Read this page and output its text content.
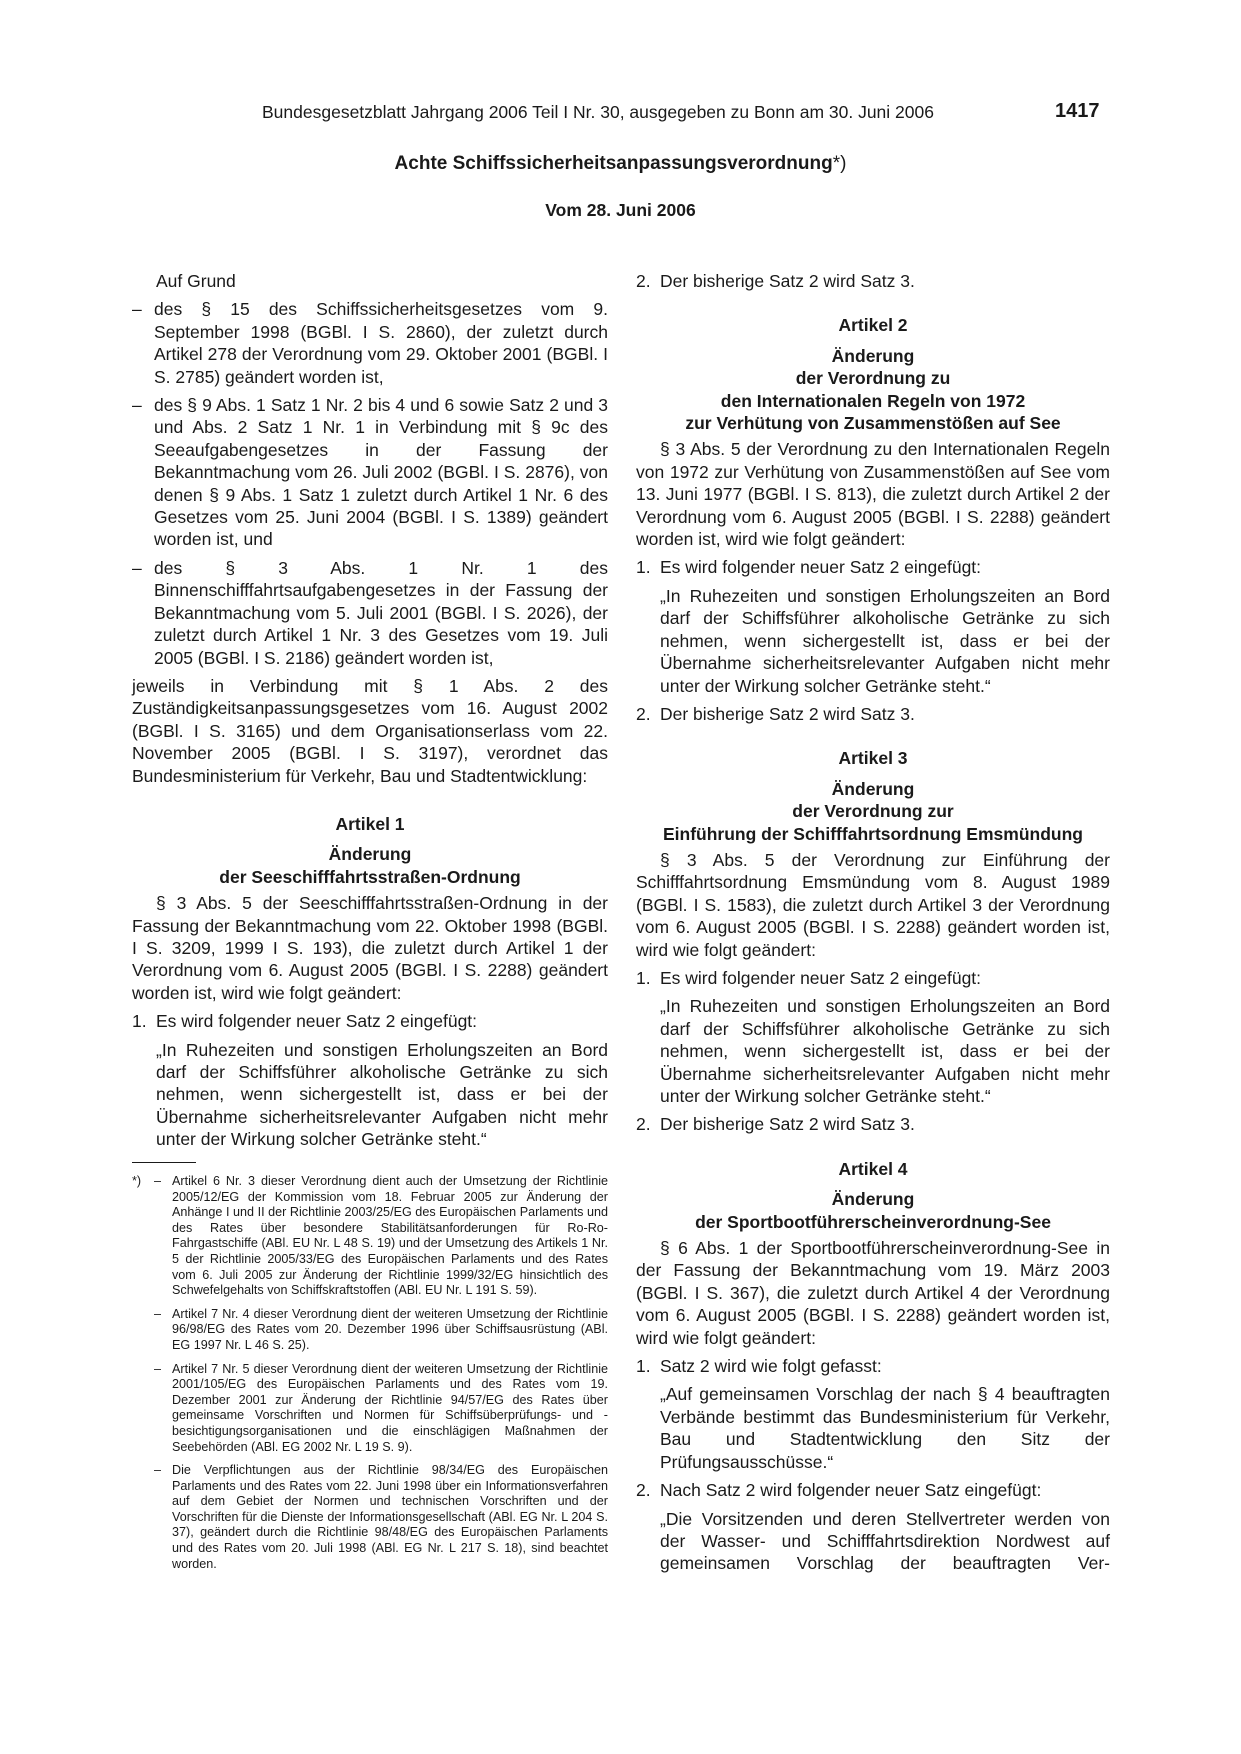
Bundesgesetzblatt Jahrgang 2006 Teil I Nr. 30, ausgegeben zu Bonn am 30. Juni 2006	1417
Achte Schiffssicherheitsanpassungsverordnung*)
Vom 28. Juni 2006

Auf Grund

– des § 15 des Schiffssicherheitsgesetzes vom 9. September 1998 (BGBl. I S. 2860), der zuletzt durch Artikel 278 der Verordnung vom 29. Oktober 2001 (BGBl. I S. 2785) geändert worden ist,
– des § 9 Abs. 1 Satz 1 Nr. 2 bis 4 und 6 sowie Satz 2 und 3 und Abs. 2 Satz 1 Nr. 1 in Verbindung mit § 9c des Seeaufgabengesetzes in der Fassung der Bekanntmachung vom 26. Juli 2002 (BGBl. I S. 2876), von denen § 9 Abs. 1 Satz 1 zuletzt durch Artikel 1 Nr. 6 des Gesetzes vom 25. Juni 2004 (BGBl. I S. 1389) geändert worden ist, und
– des § 3 Abs. 1 Nr. 1 des Binnenschifffahrtsaufgabengesetzes in der Fassung der Bekanntmachung vom 5. Juli 2001 (BGBl. I S. 2026), der zuletzt durch Artikel 1 Nr. 3 des Gesetzes vom 19. Juli 2005 (BGBl. I S. 2186) geändert worden ist,

jeweils in Verbindung mit § 1 Abs. 2 des Zuständigkeitsanpassungsgesetzes vom 16. August 2002 (BGBl. I S. 3165) und dem Organisationserlass vom 22. November 2005 (BGBl. I S. 3197), verordnet das Bundesministerium für Verkehr, Bau und Stadtentwicklung:

Artikel 1
Änderung
der Seeschifffahrtsstraßen-Ordnung

§ 3 Abs. 5 der Seeschifffahrtsstraßen-Ordnung in der Fassung der Bekanntmachung vom 22. Oktober 1998 (BGBl. I S. 3209, 1999 I S. 193), die zuletzt durch Artikel 1 der Verordnung vom 6. August 2005 (BGBl. I S. 2288) geändert worden ist, wird wie folgt geändert:

1. Es wird folgender neuer Satz 2 eingefügt:

„In Ruhezeiten und sonstigen Erholungszeiten an Bord darf der Schiffsführer alkoholische Getränke zu sich nehmen, wenn sichergestellt ist, dass er bei der Übernahme sicherheitsrelevanter Aufgaben nicht mehr unter der Wirkung solcher Getränke steht.“

*) – Artikel 6 Nr. 3 dieser Verordnung dient auch der Umsetzung der Richtlinie 2005/12/EG der Kommission vom 18. Februar 2005 zur Änderung der Anhänge I und II der Richtlinie 2003/25/EG des Europäischen Parlaments und des Rates über besondere Stabilitätsanforderungen für Ro-Ro-Fahrgastschiffe (ABl. EU Nr. L 48 S. 19) und der Umsetzung des Artikels 1 Nr. 5 der Richtlinie 2005/33/EG des Europäischen Parlaments und des Rates vom 6. Juli 2005 zur Änderung der Richtlinie 1999/32/EG hinsichtlich des Schwefelgehalts von Schiffskraftstoffen (ABl. EU Nr. L 191 S. 59).
– Artikel 7 Nr. 4 dieser Verordnung dient der weiteren Umsetzung der Richtlinie 96/98/EG des Rates vom 20. Dezember 1996 über Schiffsausrüstung (ABl. EG 1997 Nr. L 46 S. 25).
– Artikel 7 Nr. 5 dieser Verordnung dient der weiteren Umsetzung der Richtlinie 2001/105/EG des Europäischen Parlaments und des Rates vom 19. Dezember 2001 zur Änderung der Richtlinie 94/57/EG des Rates über gemeinsame Vorschriften und Normen für Schiffsüberprüfungs- und -besichtigungsorganisationen und die einschlägigen Maßnahmen der Seebehörden (ABl. EG 2002 Nr. L 19 S. 9).
– Die Verpflichtungen aus der Richtlinie 98/34/EG des Europäischen Parlaments und des Rates vom 22. Juni 1998 über ein Informationsverfahren auf dem Gebiet der Normen und technischen Vorschriften und der Vorschriften für die Dienste der Informationsgesellschaft (ABl. EG Nr. L 204 S. 37), geändert durch die Richtlinie 98/48/EG des Europäischen Parlaments und des Rates vom 20. Juli 1998 (ABl. EG Nr. L 217 S. 18), sind beachtet worden.
2. Der bisherige Satz 2 wird Satz 3.
Artikel 2
Änderung
der Verordnung zu
den Internationalen Regeln von 1972
zur Verhütung von Zusammenstößen auf See

§ 3 Abs. 5 der Verordnung zu den Internationalen Regeln von 1972 zur Verhütung von Zusammenstößen auf See vom 13. Juni 1977 (BGBl. I S. 813), die zuletzt durch Artikel 2 der Verordnung vom 6. August 2005 (BGBl. I S. 2288) geändert worden ist, wird wie folgt geändert:

1. Es wird folgender neuer Satz 2 eingefügt:

„In Ruhezeiten und sonstigen Erholungszeiten an Bord darf der Schiffsführer alkoholische Getränke zu sich nehmen, wenn sichergestellt ist, dass er bei der Übernahme sicherheitsrelevanter Aufgaben nicht mehr unter der Wirkung solcher Getränke steht.“

2. Der bisherige Satz 2 wird Satz 3.
Artikel 3
Änderung
der Verordnung zur
Einführung der Schifffahrtsordnung Emsmündung

§ 3 Abs. 5 der Verordnung zur Einführung der Schifffahrtsordnung Emsmündung vom 8. August 1989 (BGBl. I S. 1583), die zuletzt durch Artikel 3 der Verordnung vom 6. August 2005 (BGBl. I S. 2288) geändert worden ist, wird wie folgt geändert:

1. Es wird folgender neuer Satz 2 eingefügt:

„In Ruhezeiten und sonstigen Erholungszeiten an Bord darf der Schiffsführer alkoholische Getränke zu sich nehmen, wenn sichergestellt ist, dass er bei der Übernahme sicherheitsrelevanter Aufgaben nicht mehr unter der Wirkung solcher Getränke steht.“

2. Der bisherige Satz 2 wird Satz 3.
Artikel 4
Änderung
der Sportbootführerscheinverordnung-See

§ 6 Abs. 1 der Sportbootführerscheinverordnung-See in der Fassung der Bekanntmachung vom 19. März 2003 (BGBl. I S. 367), die zuletzt durch Artikel 4 der Verordnung vom 6. August 2005 (BGBl. I S. 2288) geändert worden ist, wird wie folgt geändert:

1. Satz 2 wird wie folgt gefasst:

„Auf gemeinsamen Vorschlag der nach § 4 beauftragten Verbände bestimmt das Bundesministerium für Verkehr, Bau und Stadtentwicklung den Sitz der Prüfungsausschüsse.“

2. Nach Satz 2 wird folgender neuer Satz eingefügt:

„Die Vorsitzenden und deren Stellvertreter werden von der Wasser- und Schifffahrtsdirektion Nordwest auf gemeinsamen Vorschlag der beauftragten Ver-
